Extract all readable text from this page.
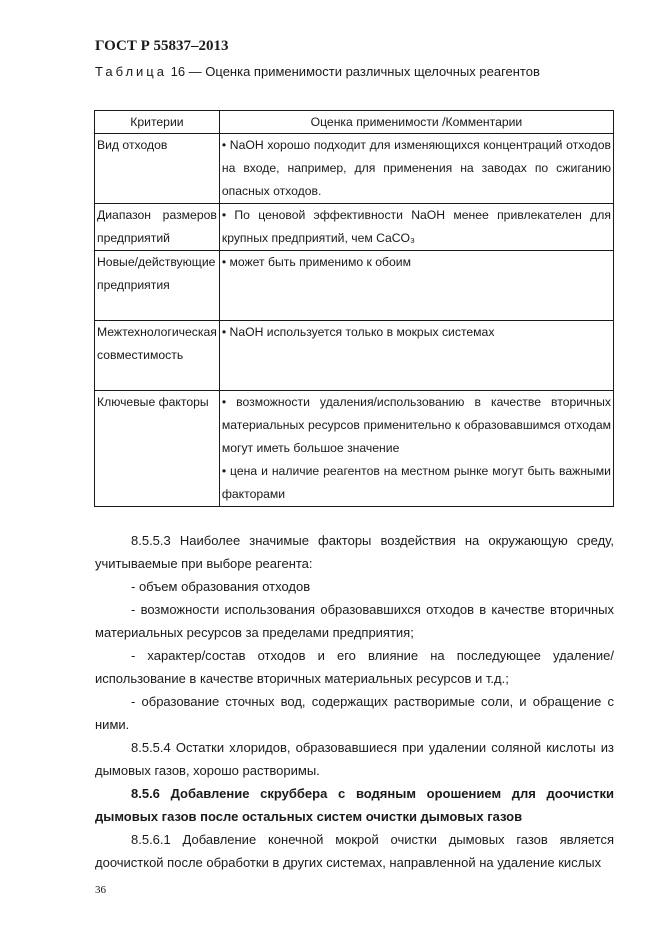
ГОСТ Р 55837–2013
Таблица 16 — Оценка применимости различных щелочных реагентов
Критерии	Оценка применимости /Комментарии
Вид отходов	• NaOH хорошо подходит для изменяющихся концентраций отходов на входе, например, для применения на заводах по сжиганию опасных отходов.

Диапазон размеров предприятий	• По ценовой эффективности NaOH менее привлекателен для крупных предприятий, чем CaCO₃

Новые/действующие предприятия	• может быть применимо к обоим

Межтехнологическая совместимость	• NaOH используется только в мокрых системах

Ключевые факторы	• возможности удаления/использованию в качестве вторичных материальных ресурсов применительно к образовавшимся отходам могут иметь большое значение
• цена и наличие реагентов на местном рынке могут быть важными факторами

8.5.5.3 Наиболее значимые факторы воздействия на окружающую среду, учитываемые при выборе реагента:

- объем образования отходов

- возможности использования образовавшихся отходов в качестве вторичных материальных ресурсов за пределами предприятия;

- характер/состав отходов и его влияние на последующее удаление/использование в качестве вторичных материальных ресурсов и т.д.;

- образование сточных вод, содержащих растворимые соли, и обращение с ними.

8.5.5.4 Остатки хлоридов, образовавшиеся при удалении соляной кислоты из дымовых газов, хорошо растворимы.

8.5.6 Добавление скруббера с водяным орошением для доочистки дымовых газов после остальных систем очистки дымовых газов

8.5.6.1 Добавление конечной мокрой очистки дымовых газов является доочисткой после обработки в других системах, направленной на удаление кислых

36
